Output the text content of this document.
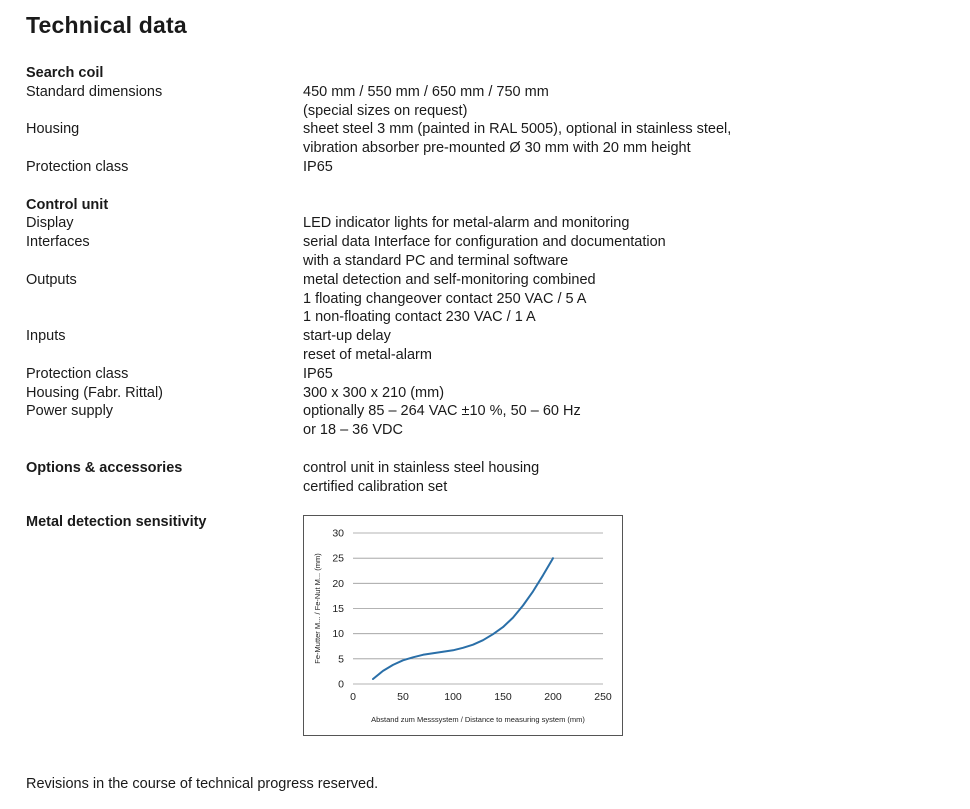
Technical data
Search coil
Standard dimensions	450 mm / 550 mm / 650 mm / 750 mm
(special sizes on request)
Housing	sheet steel 3 mm (painted in RAL 5005), optional in stainless steel,
vibration absorber pre-mounted Ø 30 mm with 20 mm height
Protection class	IP65
Control unit
Display	LED indicator lights for metal-alarm and monitoring
Interfaces	serial data Interface for configuration and documentation
with a standard PC and terminal software
Outputs	metal detection and self-monitoring combined
1 floating changeover contact 250 VAC / 5 A
1 non-floating contact 230 VAC / 1 A
Inputs	start-up delay
reset of metal-alarm
Protection class	IP65
Housing (Fabr. Rittal)	300 x 300 x 210 (mm)
Power supply	optionally 85 – 264 VAC ±10 %, 50 – 60 Hz
or 18 – 36 VDC
Options & accessories	control unit in stainless steel housing
certified calibration set
Metal detection sensitivity
0
5
10
15
20
25
30
0	50	100	150	200	250
Abstand zum Messsystem / Distance to measuring system (mm)
Fe-Mutter M... / Fe-Nut M... (mm)
Revisions in the course of technical progress reserved.
